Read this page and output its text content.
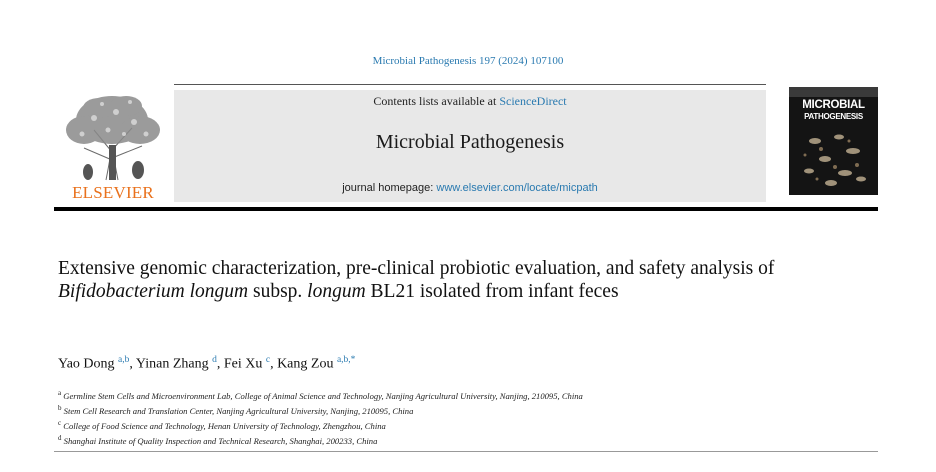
Microbial Pathogenesis 197 (2024) 107100
ELSEVIER
Contents lists available at ScienceDirect
Microbial Pathogenesis
journal homepage: www.elsevier.com/locate/micpath
MICROBIAL
PATHOGENESIS
Extensive genomic characterization, pre-clinical probiotic evaluation, and safety analysis of Bifidobacterium longum subsp. longum BL21 isolated from infant feces
Yao Dong $^{a,b}$, Yinan Zhang $^d$, Fei Xu $^c$, Kang Zou $^{a,b,*}$
$^a$ Germline Stem Cells and Microenvironment Lab, College of Animal Science and Technology, Nanjing Agricultural University, Nanjing, 210095, China
$^b$ Stem Cell Research and Translation Center, Nanjing Agricultural University, Nanjing, 210095, China
$^c$ College of Food Science and Technology, Henan University of Technology, Zhengzhou, China
$^d$ Shanghai Institute of Quality Inspection and Technical Research, Shanghai, 200233, China
